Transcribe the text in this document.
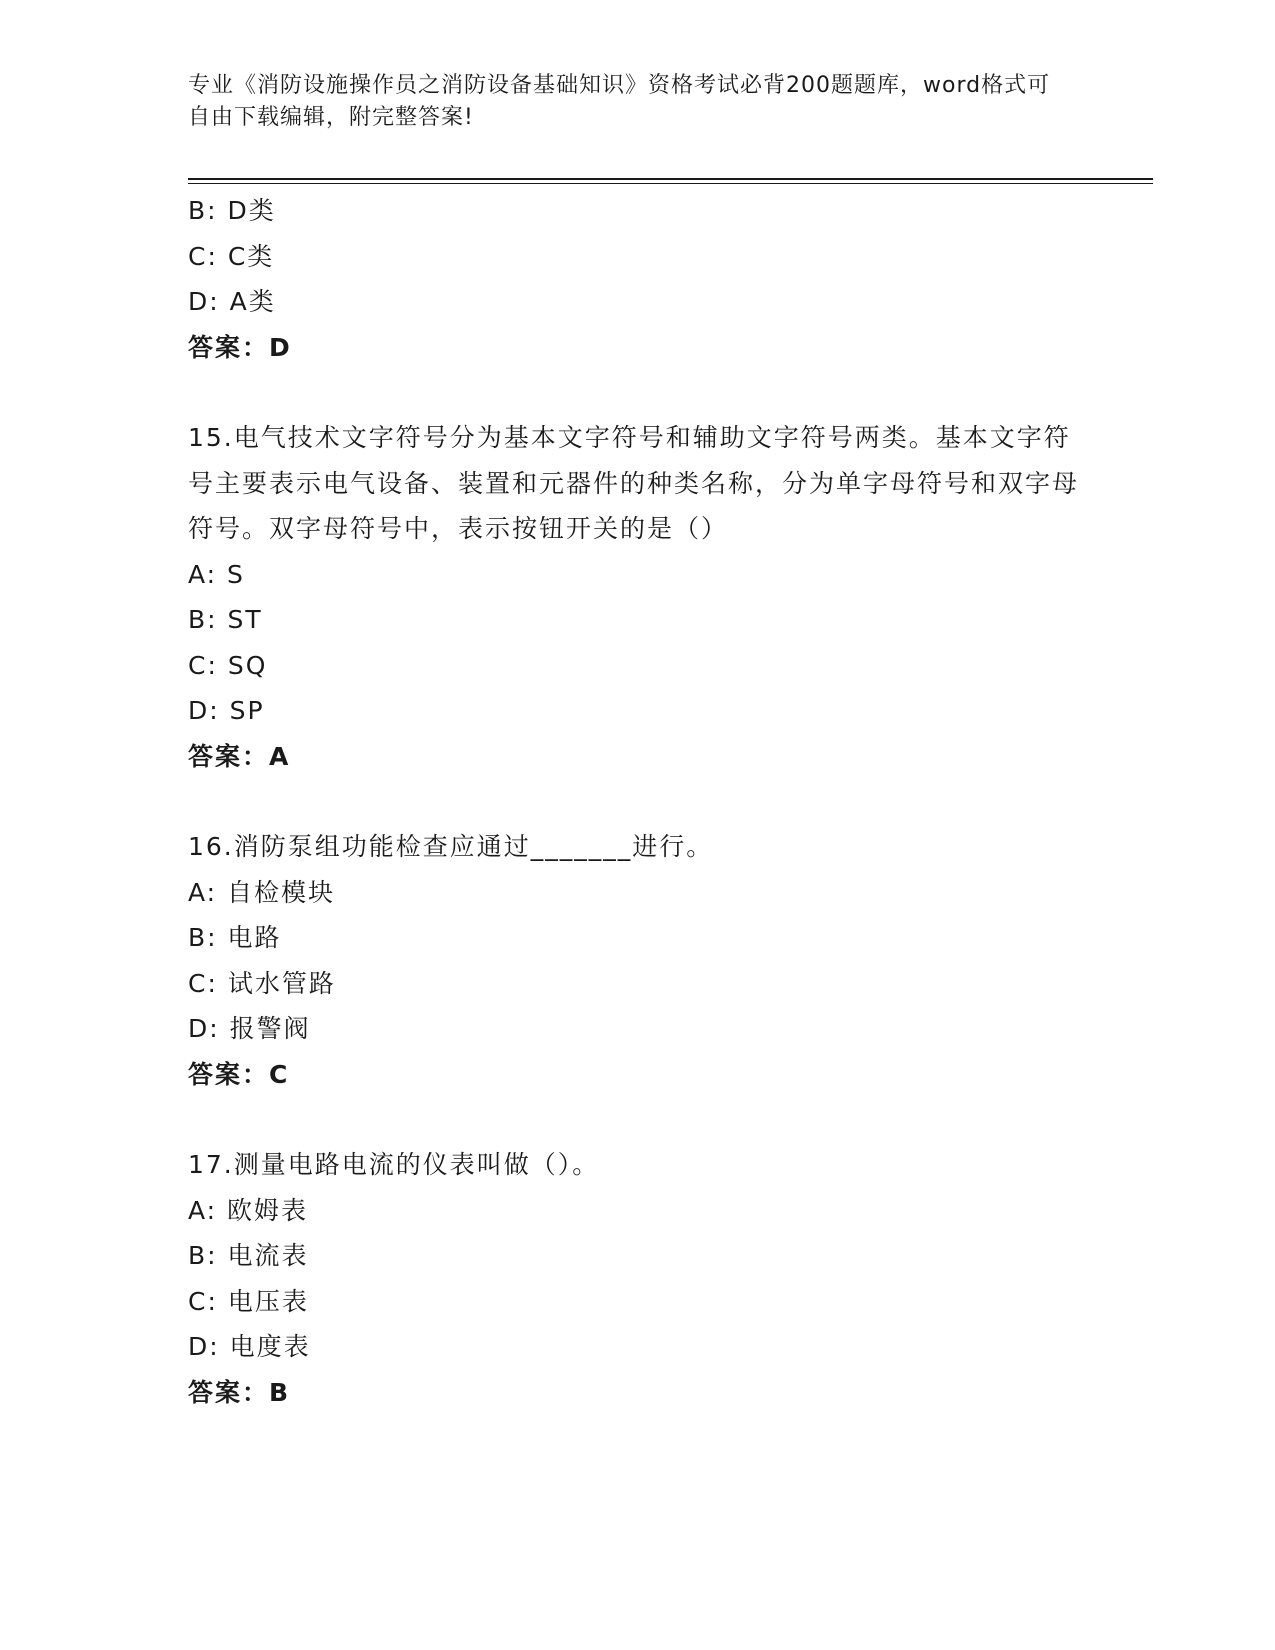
专业《消防设施操作员之消防设备基础知识》资格考试必背200题题库，word格式可自由下载编辑，附完整答案!
B: D类
C: C类
D: A类
答案：D
15.电气技术文字符号分为基本文字符号和辅助文字符号两类。基本文字符号主要表示电气设备、装置和元器件的种类名称，分为单字母符号和双字母符号。双字母符号中，表示按钮开关的是（）
A: S
B: ST
C: SQ
D: SP
答案：A
16.消防泵组功能检查应通过_______进行。
A: 自检模块
B: 电路
C: 试水管路
D: 报警阀
答案：C
17.测量电路电流的仪表叫做（）。
A: 欧姆表
B: 电流表
C: 电压表
D: 电度表
答案：B
